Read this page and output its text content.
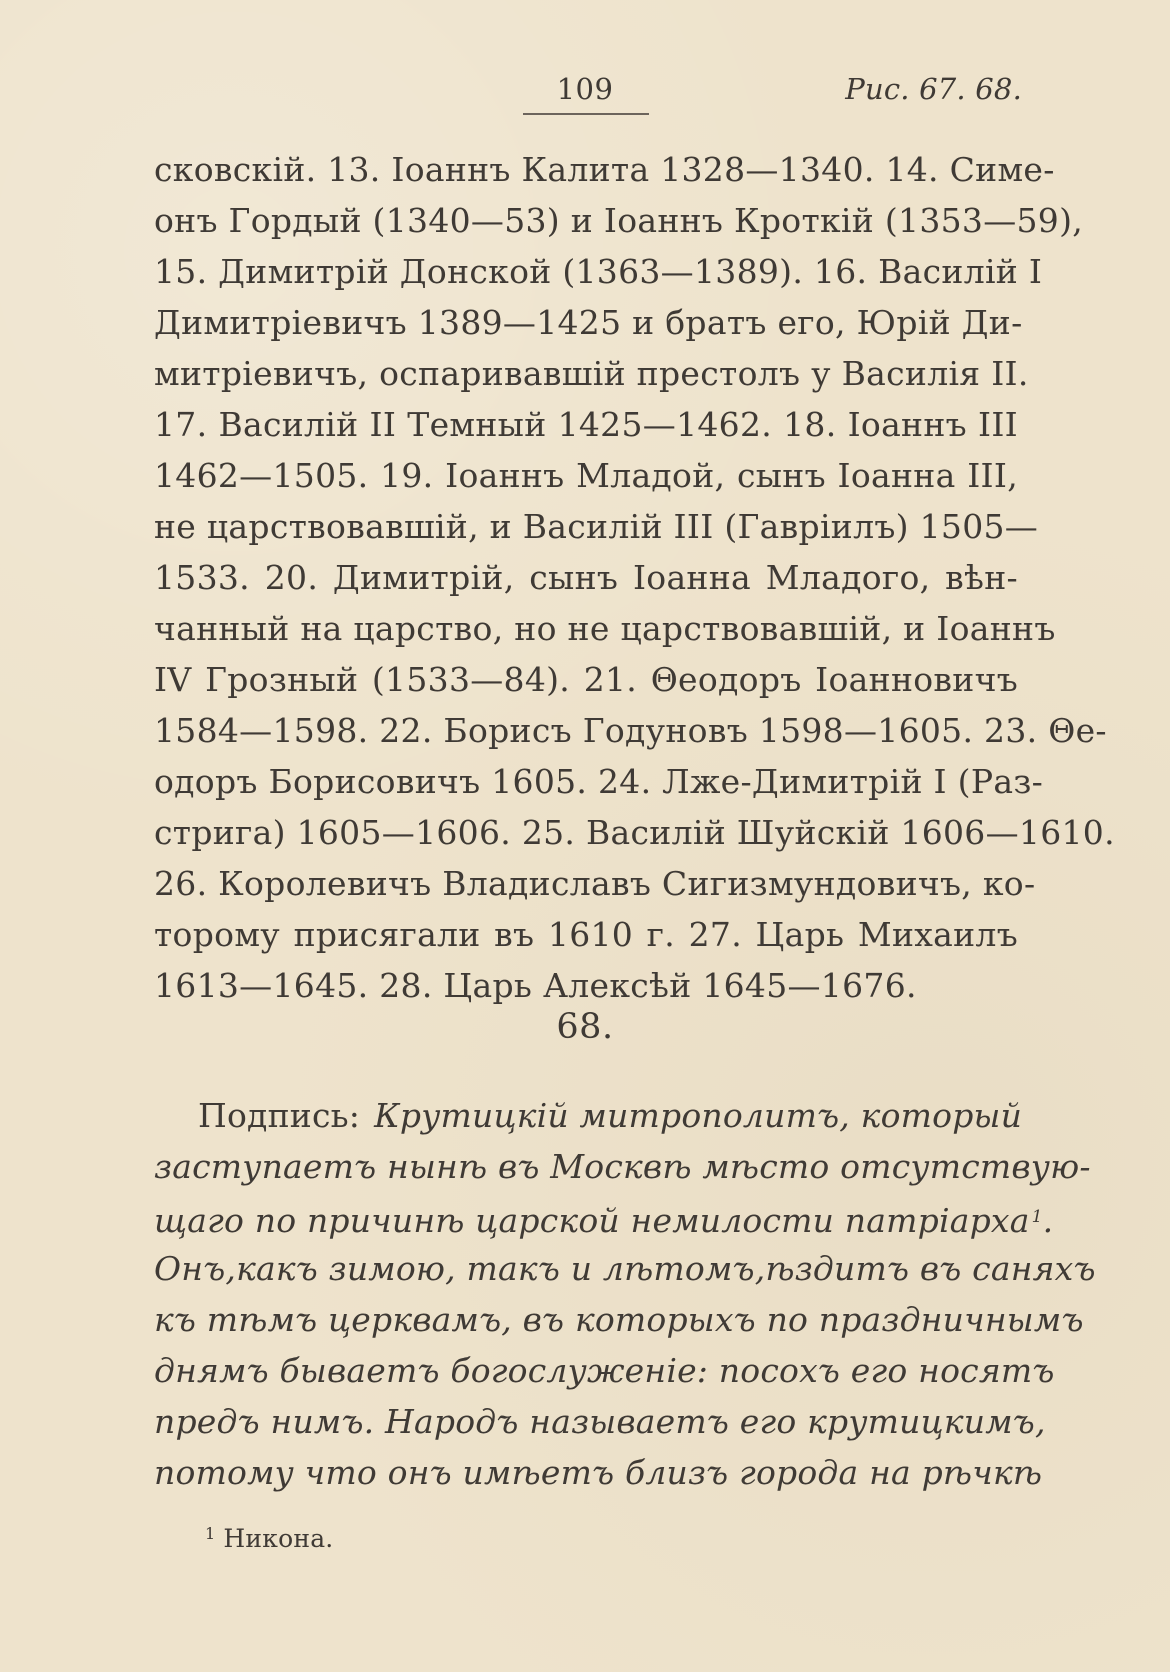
109	Рис. 67. 68.
сковскій. 13. Іоаннъ Калита 1328—1340. 14. Симе-
онъ Гордый (1340—53) и Іоаннъ Кроткій (1353—59),
15. Димитрій Донской (1363—1389). 16. Василій I
Димитріевичъ 1389—1425 и братъ его, Юрій Ди-
митріевичъ, оспаривавшій престолъ у Василія II.
17. Василій II Темный 1425—1462. 18. Іоаннъ III
1462—1505. 19. Іоаннъ Младой, сынъ Іоанна III,
не царствовавшій, и Василій III (Гавріилъ) 1505—
1533. 20. Димитрій, сынъ Іоанна Младого, вѣн-
чанный на царство, но не царствовавшій, и Іоаннъ
IV Грозный (1533—84). 21. Θеодоръ Іоанновичъ
1584—1598. 22. Борисъ Годуновъ 1598—1605. 23. Θе-
одоръ Борисовичъ 1605. 24. Лже-Димитрій I (Раз-
стрига) 1605—1606. 25. Василій Шуйскій 1606—1610.
26. Королевичъ Владиславъ Сигизмундовичъ, ко-
торому присягали въ 1610 г. 27. Царь Михаилъ
1613—1645. 28. Царь Алексѣй 1645—1676.
68.
Подпись: Крутицкій митрополитъ, который
заступаетъ нынѣ въ Москвѣ мѣсто отсутствую-
щаго по причинѣ царской немилости патріарха $^1$.
Онъ,какъ зимою, такъ и лѣтомъ,ѣздитъ въ саняхъ
къ тѣмъ церквамъ, въ которыхъ по праздничнымъ
днямъ бываетъ богослуженіе: посохъ его носятъ
предъ нимъ. Народъ называетъ его крутицкимъ,
потому что онъ имѣетъ близъ города на рѣчкѣ
$^1$ Никона.
